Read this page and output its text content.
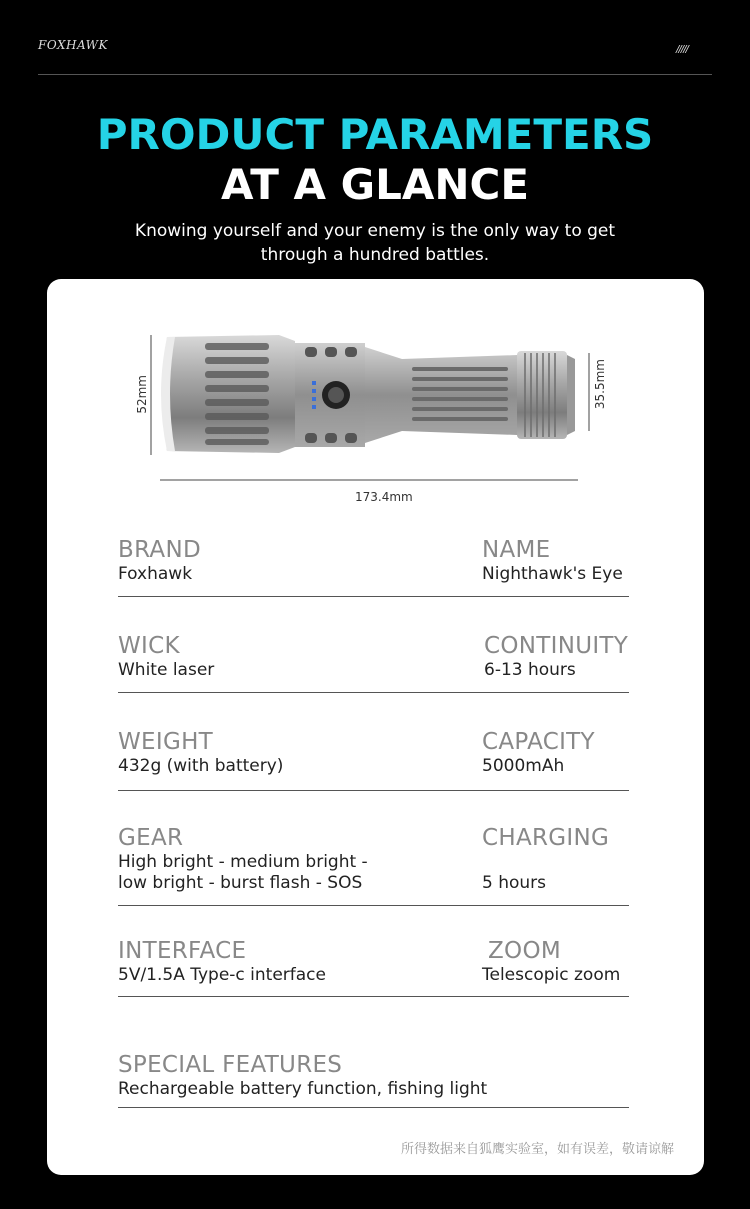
FOXHAWK	/////
PRODUCT PARAMETERS
AT A GLANCE
Knowing yourself and your enemy is the only way to get through a hundred battles.
52mm	35.5mm
173.4mm
BRAND
Foxhawk
NAME
Nighthawk's Eye
WICK
White laser
CONTINUITY
6-13 hours
WEIGHT
432g (with battery)
CAPACITY
5000mAh
GEAR
High bright - medium bright - low bright - burst flash - SOS
CHARGING
5 hours
INTERFACE
5V/1.5A Type-c interface
ZOOM
Telescopic zoom
SPECIAL FEATURES
Rechargeable battery function, fishing light
所得数据来自狐鹰实验室，如有误差，敬请谅解
